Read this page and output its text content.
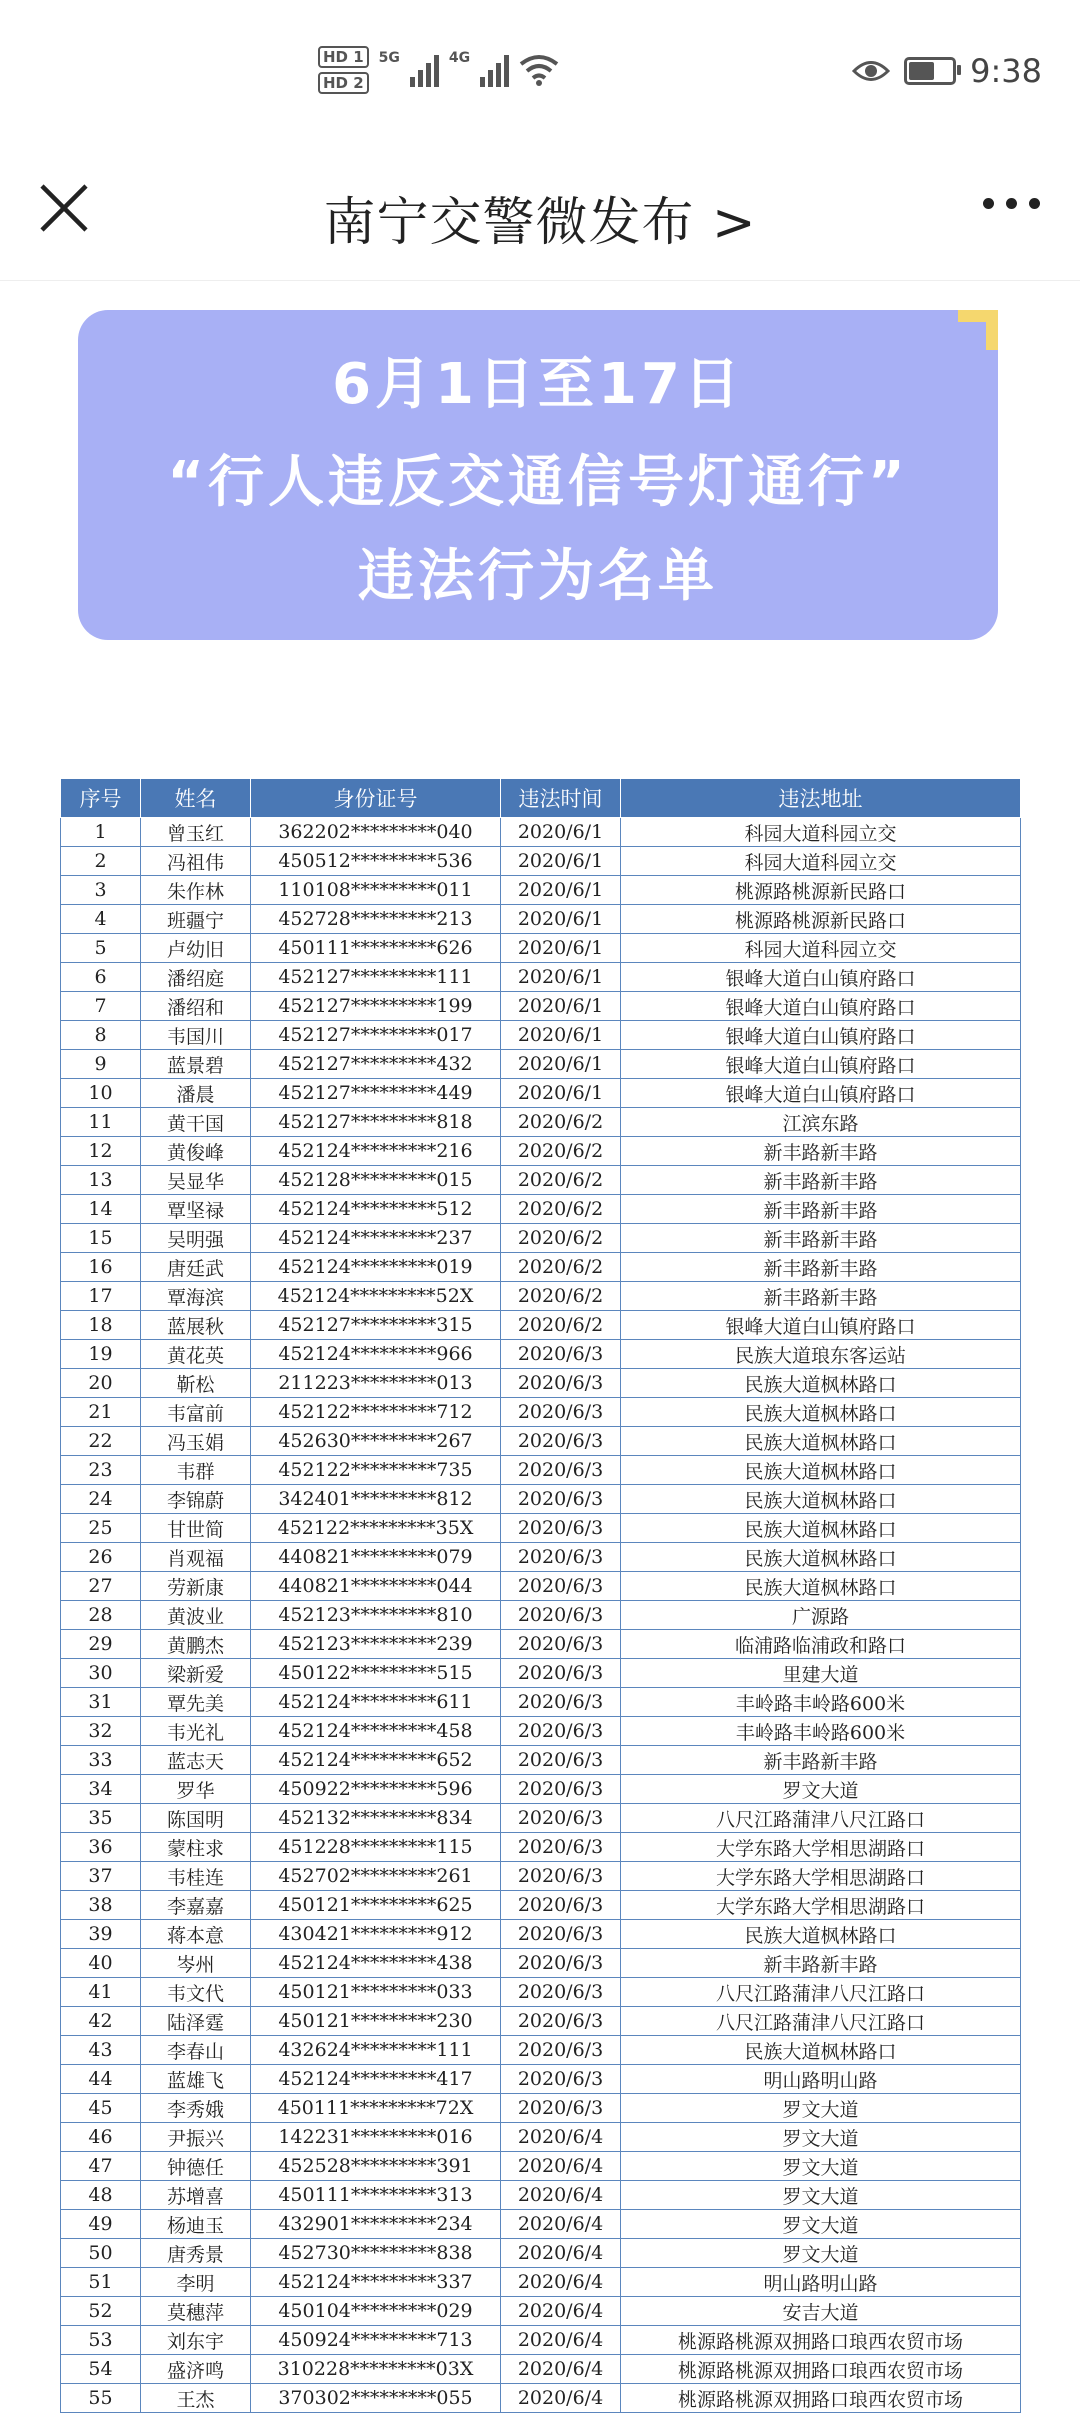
HD 1
HD 2
5G	4G	9:38
南宁交警微发布 >
6月1日至17日
“行人违反交通信号灯通行”
违法行为名单
序号	姓名	身份证号	违法时间	违法地址
1	曾玉红	362202*********040	2020/6/1	科园大道科园立交
2	冯祖伟	450512*********536	2020/6/1	科园大道科园立交
3	朱作林	110108*********011	2020/6/1	桃源路桃源新民路口
4	班疆宁	452728*********213	2020/6/1	桃源路桃源新民路口
5	卢幼旧	450111*********626	2020/6/1	科园大道科园立交
6	潘绍庭	452127*********111	2020/6/1	银峰大道白山镇府路口
7	潘绍和	452127*********199	2020/6/1	银峰大道白山镇府路口
8	韦国川	452127*********017	2020/6/1	银峰大道白山镇府路口
9	蓝景碧	452127*********432	2020/6/1	银峰大道白山镇府路口
10	潘晨	452127*********449	2020/6/1	银峰大道白山镇府路口
11	黄干国	452127*********818	2020/6/2	江滨东路
12	黄俊峰	452124*********216	2020/6/2	新丰路新丰路
13	吴显华	452128*********015	2020/6/2	新丰路新丰路
14	覃坚禄	452124*********512	2020/6/2	新丰路新丰路
15	吴明强	452124*********237	2020/6/2	新丰路新丰路
16	唐廷武	452124*********019	2020/6/2	新丰路新丰路
17	覃海滨	452124*********52X	2020/6/2	新丰路新丰路
18	蓝展秋	452127*********315	2020/6/2	银峰大道白山镇府路口
19	黄花英	452124*********966	2020/6/3	民族大道琅东客运站
20	靳松	211223*********013	2020/6/3	民族大道枫林路口
21	韦富前	452122*********712	2020/6/3	民族大道枫林路口
22	冯玉娟	452630*********267	2020/6/3	民族大道枫林路口
23	韦群	452122*********735	2020/6/3	民族大道枫林路口
24	李锦蔚	342401*********812	2020/6/3	民族大道枫林路口
25	甘世简	452122*********35X	2020/6/3	民族大道枫林路口
26	肖观福	440821*********079	2020/6/3	民族大道枫林路口
27	劳新康	440821*********044	2020/6/3	民族大道枫林路口
28	黄波业	452123*********810	2020/6/3	广源路
29	黄鹏杰	452123*********239	2020/6/3	临浦路临浦政和路口
30	梁新爱	450122*********515	2020/6/3	里建大道
31	覃先美	452124*********611	2020/6/3	丰岭路丰岭路600米
32	韦光礼	452124*********458	2020/6/3	丰岭路丰岭路600米
33	蓝志天	452124*********652	2020/6/3	新丰路新丰路
34	罗华	450922*********596	2020/6/3	罗文大道
35	陈国明	452132*********834	2020/6/3	八尺江路蒲津八尺江路口
36	蒙柱求	451228*********115	2020/6/3	大学东路大学相思湖路口
37	韦桂连	452702*********261	2020/6/3	大学东路大学相思湖路口
38	李嘉嘉	450121*********625	2020/6/3	大学东路大学相思湖路口
39	蒋本意	430421*********912	2020/6/3	民族大道枫林路口
40	岑州	452124*********438	2020/6/3	新丰路新丰路
41	韦文代	450121*********033	2020/6/3	八尺江路蒲津八尺江路口
42	陆泽霆	450121*********230	2020/6/3	八尺江路蒲津八尺江路口
43	李春山	432624*********111	2020/6/3	民族大道枫林路口
44	蓝雄飞	452124*********417	2020/6/3	明山路明山路
45	李秀娥	450111*********72X	2020/6/3	罗文大道
46	尹振兴	142231*********016	2020/6/4	罗文大道
47	钟德任	452528*********391	2020/6/4	罗文大道
48	苏增喜	450111*********313	2020/6/4	罗文大道
49	杨迪玉	432901*********234	2020/6/4	罗文大道
50	唐秀景	452730*********838	2020/6/4	罗文大道
51	李明	452124*********337	2020/6/4	明山路明山路
52	莫穗萍	450104*********029	2020/6/4	安吉大道
53	刘东宇	450924*********713	2020/6/4	桃源路桃源双拥路口琅西农贸市场
54	盛济鸣	310228*********03X	2020/6/4	桃源路桃源双拥路口琅西农贸市场
55	王杰	370302*********055	2020/6/4	桃源路桃源双拥路口琅西农贸市场
